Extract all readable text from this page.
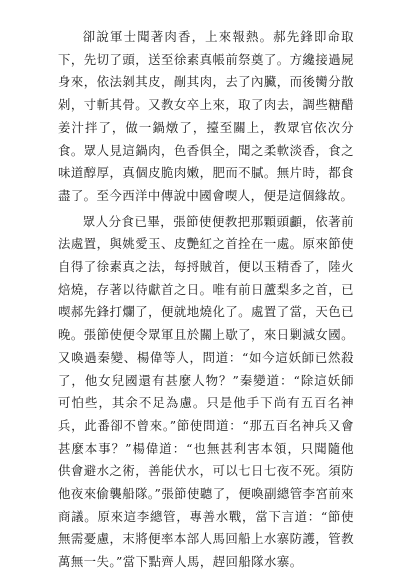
卻說軍士聞著肉香，上來報熱。郝先鋒即命取下，先切了頭，送至徐素真帳前祭奠了。方纔接過屍身來，依法剝其皮，剮其肉，去了內臟，而後臠分散剁，寸斬其骨。又教女卒上來，取了肉去，調些糖醋姜汁拌了，做一鍋燉了，擡至關上，教眾官依次分食。眾人見這鍋肉，色香俱全，聞之柔軟淡香，食之味道醇厚，真個皮脆肉嫩，肥而不膩。無片時，都食盡了。至今西洋中傳說中國會喫人，便是這個緣故。

眾人分食已畢，張節使便教把那顆頭顱，依著前法處置，與姚愛玉、皮艷紅之首拴在一處。原來節使自得了徐素真之法，每捋賊首，便以玉精香了，陸火焙燒，存著以待獻首之日。唯有前日蘆梨多之首，已喫郝先鋒打爛了，便就地燒化了。處置了當，天色已晚。張節使便令眾軍且於關上歇了，來日剿滅女國。又喚過秦變、楊偉等人，問道：“如今這妖師已然殺了，他女兒國還有甚麼人物？”秦變道：“除這妖師可怕些，其余不足為慮。只是他手下尚有五百名神兵，此番卻不曾來。”節使問道：“那五百名神兵又會甚麼本事？”楊偉道：“也無甚利害本領，只聞隨他供會避水之術，善能伏水，可以七日七夜不死。須防他夜來偷襲船隊。”張節使聽了，便喚副總管李宮前來商議。原來這李總管，專善水戰，當下言道：“節使無需憂慮，末將便率本部人馬回船上水寨防護，管教萬無一失。”當下點齊人馬，趕回船隊水寨。
